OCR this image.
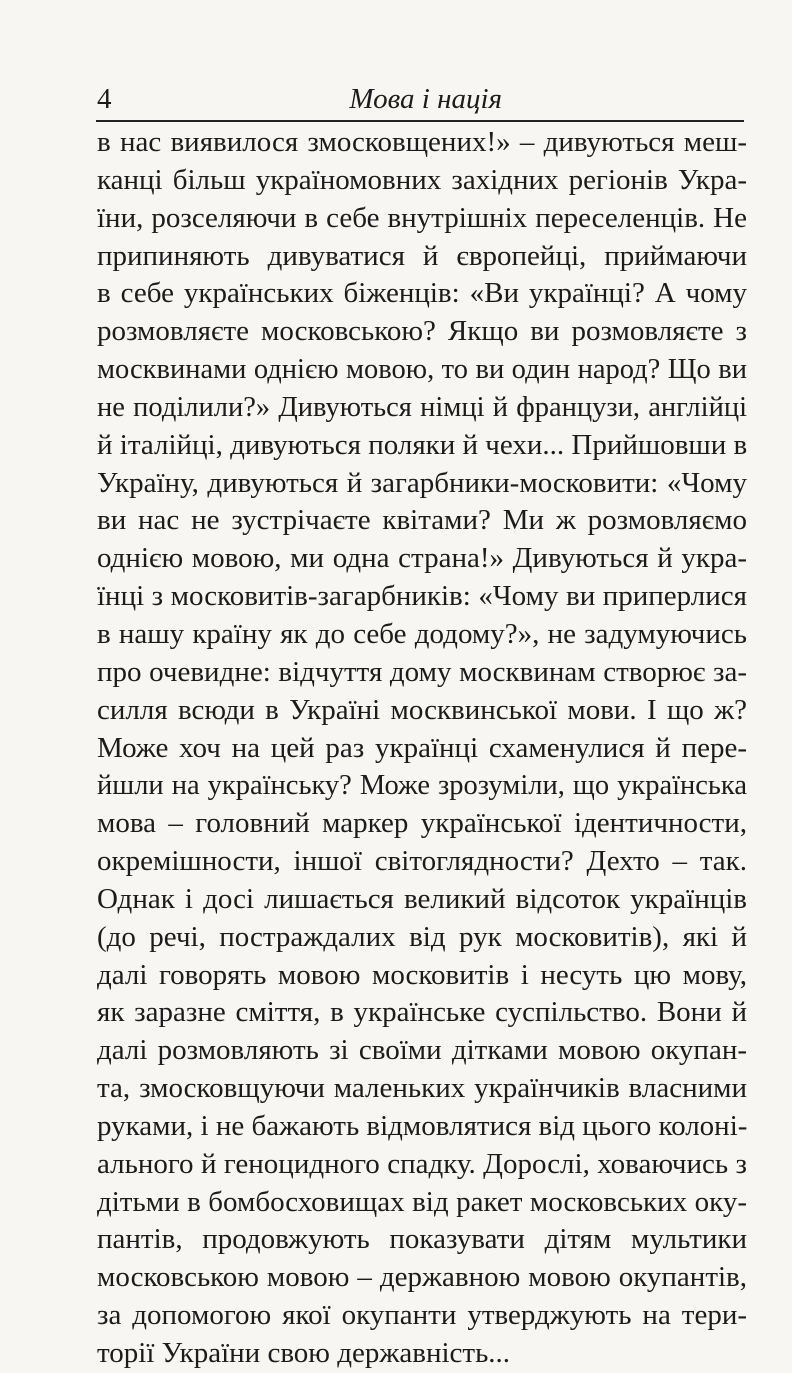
4	Мова і нація
в нас виявилося змосковщених!» – дивуються меш-
канці більш україномовних західних регіонів Укра-
їни, розселяючи в себе внутрішніх переселенців. Не
припиняють дивуватися й європейці, приймаючи
в себе українських біженців: «Ви українці? А чому
розмовляєте московською? Якщо ви розмовляєте з
москвинами однією мовою, то ви один народ? Що ви
не поділили?» Дивуються німці й французи, англійці
й італійці, дивуються поляки й чехи... Прийшовши в
Україну, дивуються й загарбники-московити: «Чому
ви нас не зустрічаєте квітами? Ми ж розмовляємо
однією мовою, ми одна страна!» Дивуються й укра-
їнці з московитів-загарбників: «Чому ви приперлися
в нашу країну як до себе додому?», не задумуючись
про очевидне: відчуття дому москвинам створює за-
силля всюди в Україні москвинської мови. І що ж?
Може хоч на цей раз українці схаменулися й пере-
йшли на українську? Може зрозуміли, що українська
мова – головний маркер української ідентичности,
окремішности, іншої світоглядности? Дехто – так.
Однак і досі лишається великий відсоток українців
(до речі, постраждалих від рук московитів), які й
далі говорять мовою московитів і несуть цю мову,
як заразне сміття, в українське суспільство. Вони й
далі розмовляють зі своїми дітками мовою окупан-
та, змосковщуючи маленьких українчиків власними
руками, і не бажають відмовлятися від цього колоні-
ального й геноцидного спадку. Дорослі, ховаючись з
дітьми в бомбосховищах від ракет московських оку-
пантів, продовжують показувати дітям мультики
московською мовою – державною мовою окупантів,
за допомогою якої окупанти утверджують на тери-
торії України свою державність...
